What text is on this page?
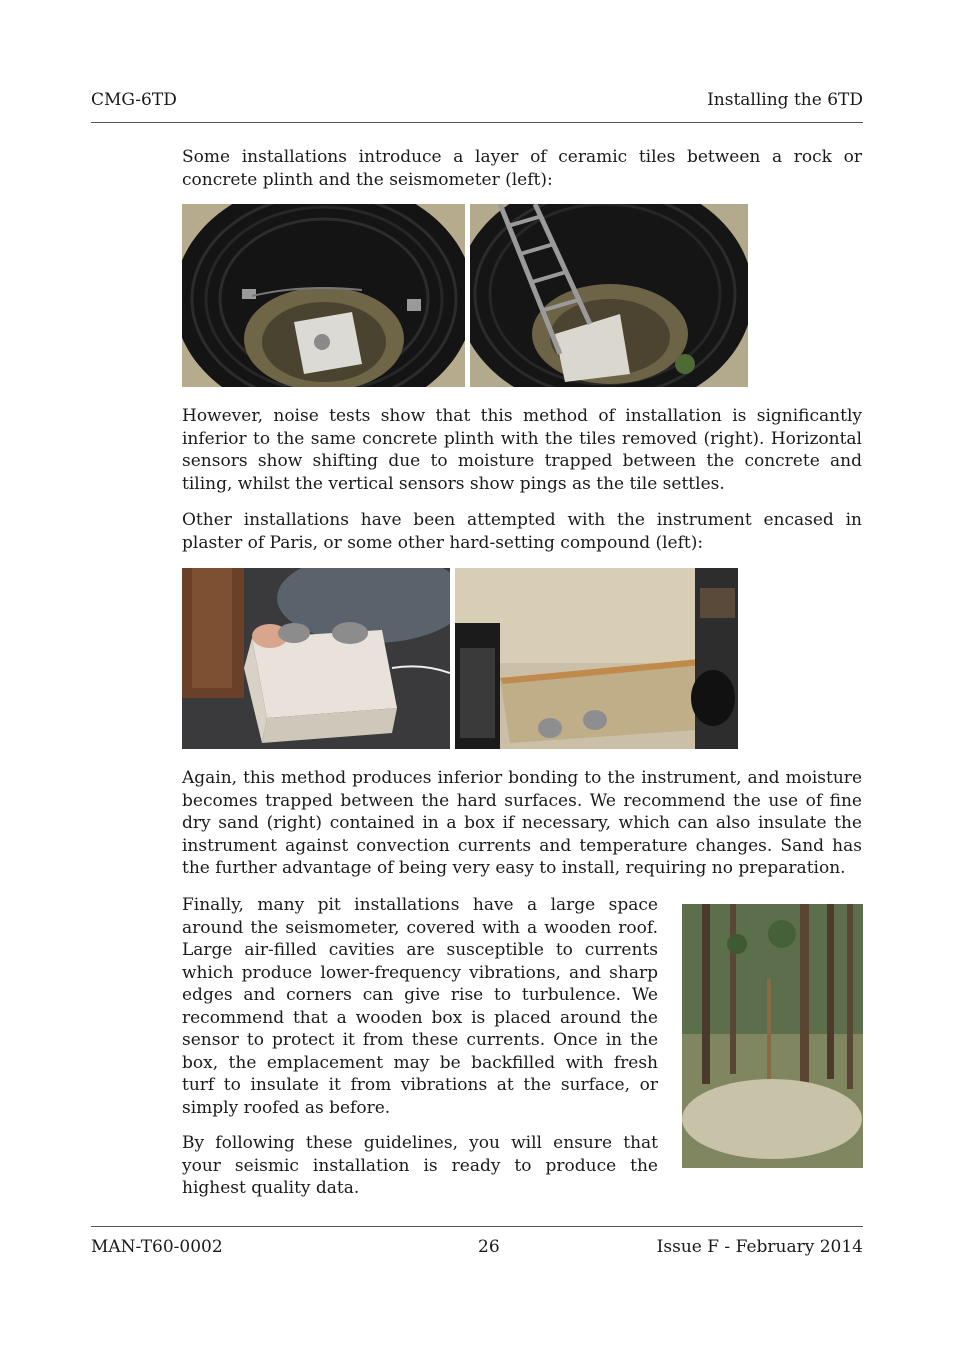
CMG-6TD	Installing the 6TD

Some installations introduce a layer of ceramic tiles between a rock or concrete plinth and the seismometer (left):

However, noise tests show that this method of installation is significantly inferior to the same concrete plinth with the tiles removed (right). Horizontal sensors show shifting due to moisture trapped between the concrete and tiling, whilst the vertical sensors show pings as the tile settles.

Other installations have been attempted with the instrument encased in plaster of Paris, or some other hard-setting compound (left):

Again, this method produces inferior bonding to the instrument, and moisture becomes trapped between the hard surfaces. We recommend the use of fine dry sand (right) contained in a box if necessary, which can also insulate the instrument against convection currents and temperature changes. Sand has the further advantage of being very easy to install, requiring no preparation.

Finally, many pit installations have a large space around the seismometer, covered with a wooden roof. Large air-filled cavities are susceptible to currents which produce lower-frequency vibrations, and sharp edges and corners can give rise to turbulence. We recommend that a wooden box is placed around the sensor to protect it from these currents. Once in the box, the emplacement may be backfilled with fresh turf to insulate it from vibrations at the surface, or simply roofed as before.

By following these guidelines, you will ensure that your seismic installation is ready to produce the highest quality data.

MAN-T60-0002	26	Issue F - February 2014
